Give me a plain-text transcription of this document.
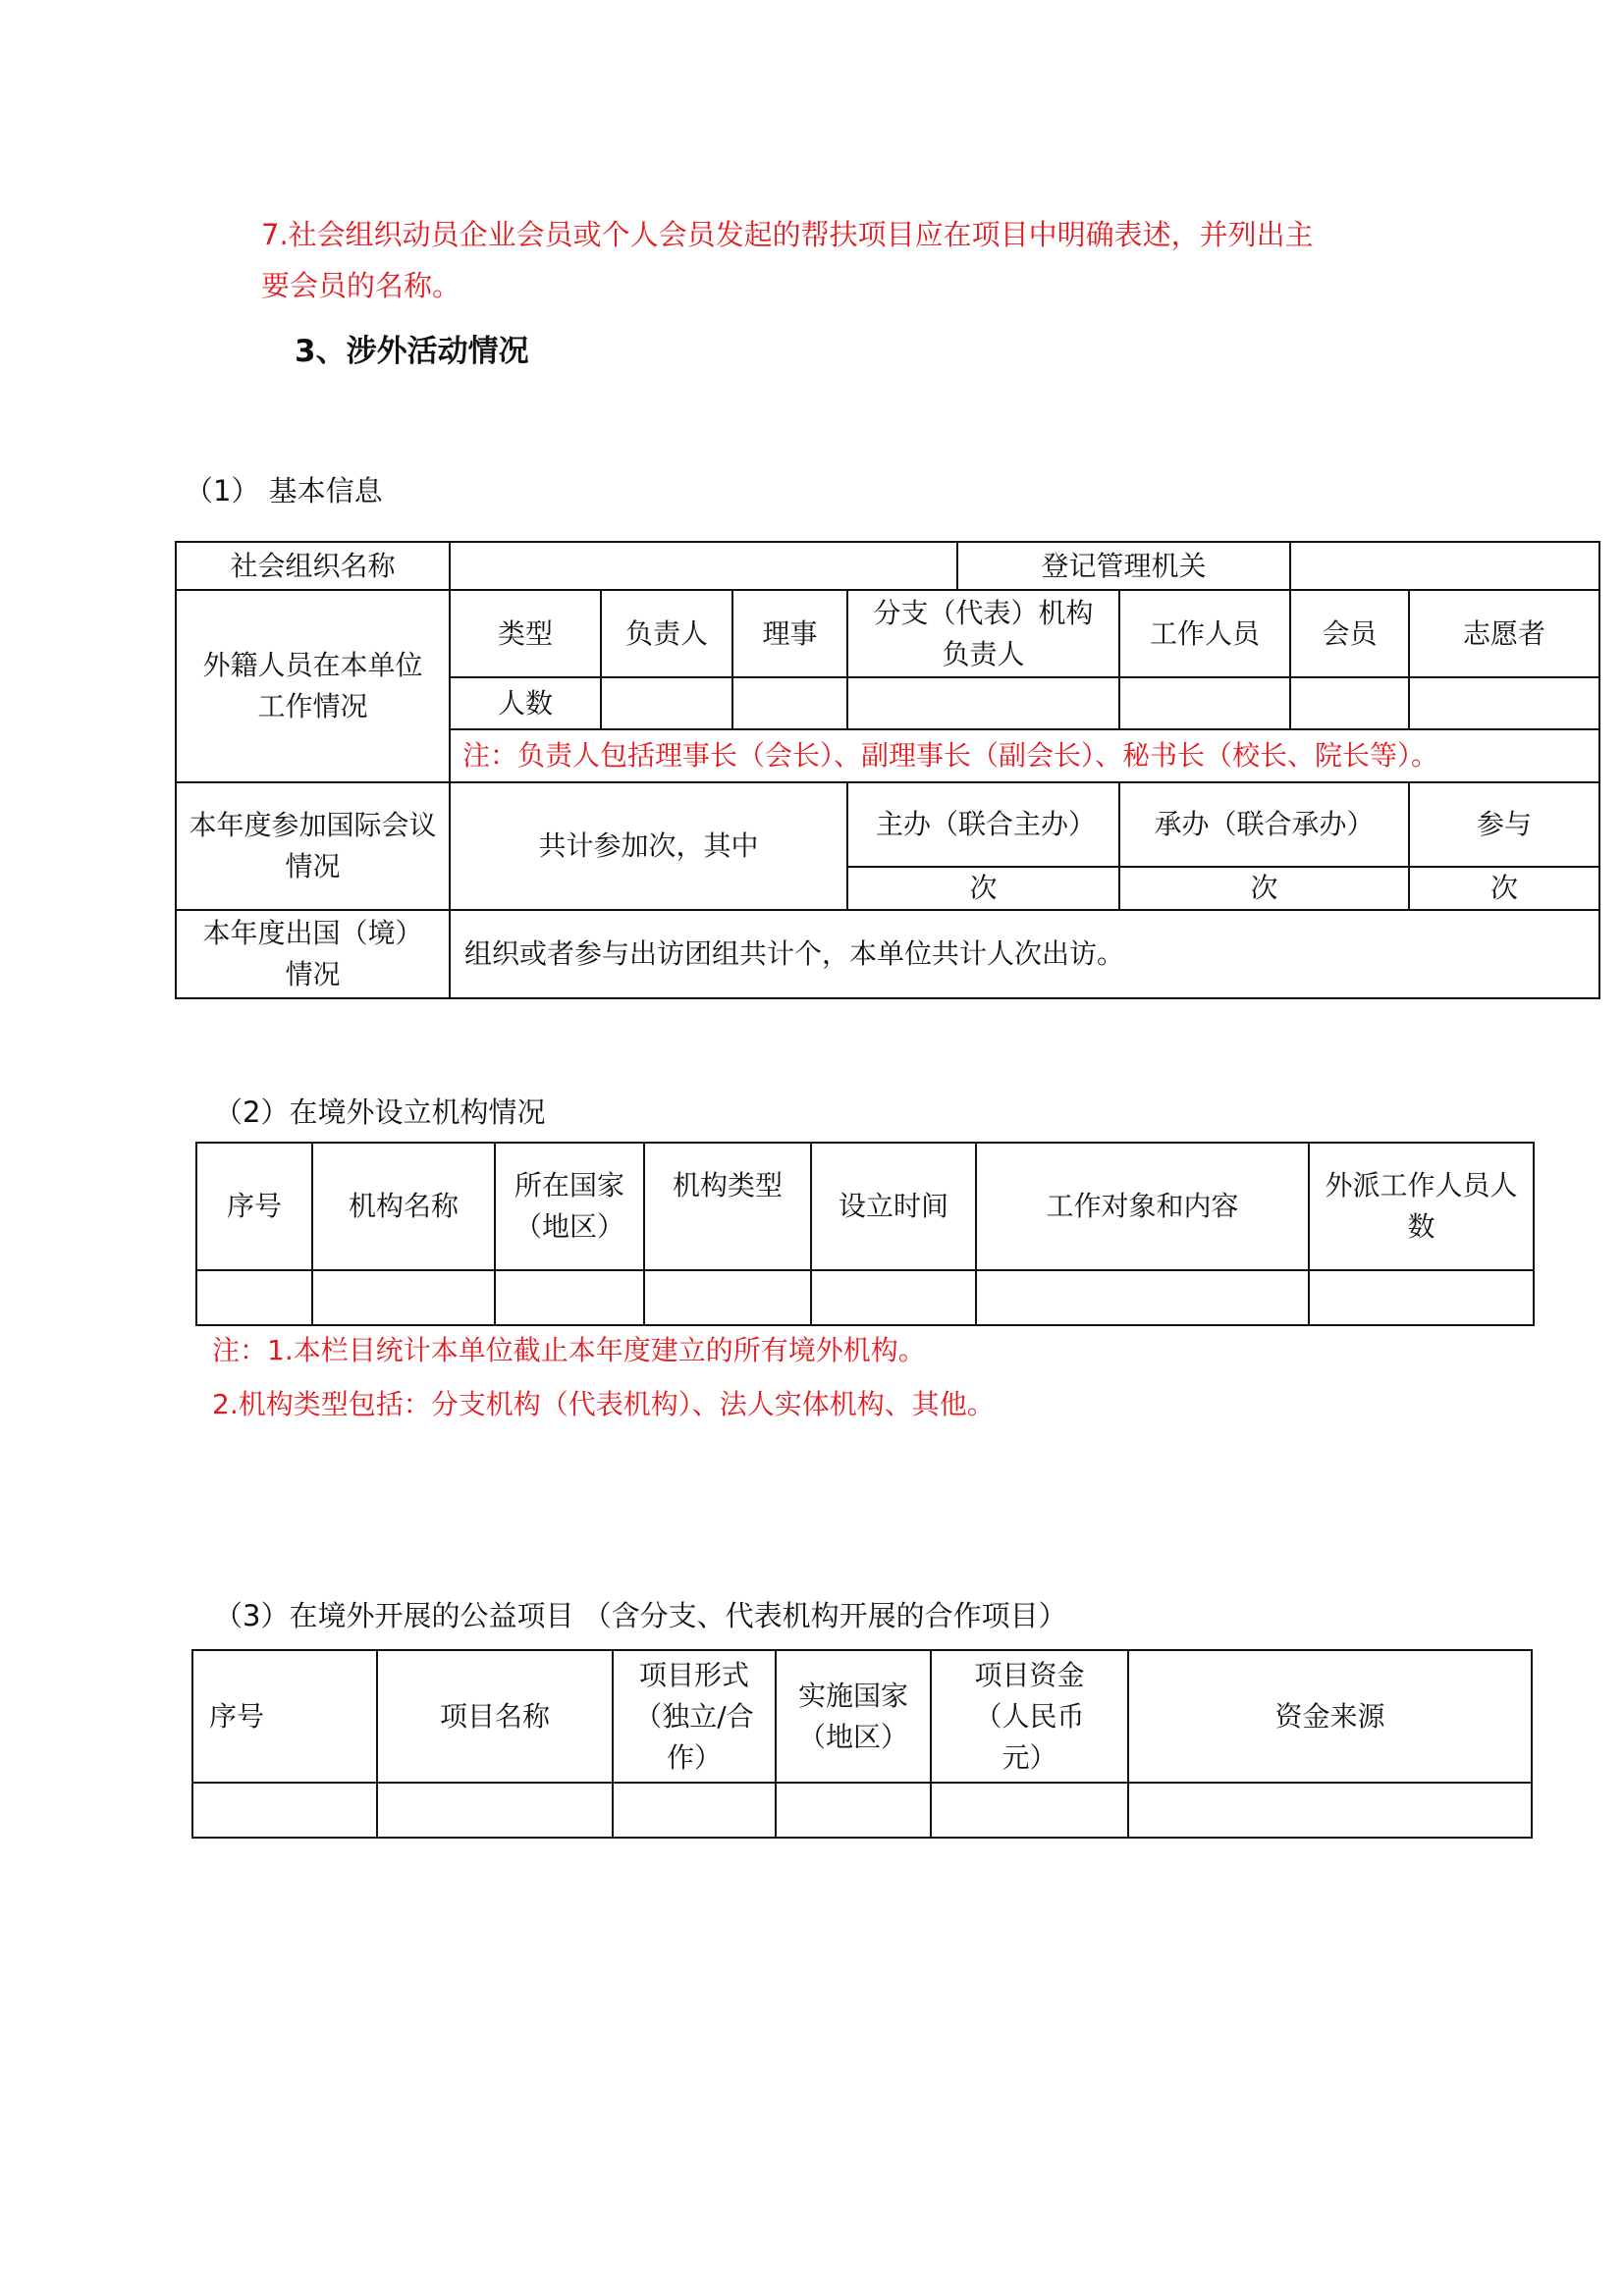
7.社会组织动员企业会员或个人会员发起的帮扶项目应在项目中明确表述，并列出主
要会员的名称。
3、涉外活动情况
（1） 基本信息
社会组织名称					登记管理机关			

外籍人员在本单位工作情况	类型	负责人	理事	分支（代表）机构负责人		工作人员	会员	志愿者
	人数							
	注：负责人包括理事长（会长）、副理事长（副会长）、秘书长（校长、院长等）。							

本年度参加国际会议情况	共计参加次，其中			主办（联合主办）		承办（联合承办）		参与
				次		次		次

本年度出国（境）情况	组织或者参与出访团组共计个，本单位共计人次出访。							
（2）在境外设立机构情况
序号	机构名称	所在国家（地区）	机构类型	设立时间	工作对象和内容	外派工作人员人数

注：1.本栏目统计本单位截止本年度建立的所有境外机构。
2.机构类型包括：分支机构（代表机构）、法人实体机构、其他。
（3）在境外开展的公益项目 （含分支、代表机构开展的合作项目）
序号	项目名称	项目形式（独立/合作）	实施国家（地区）	项目资金（人民币元）	资金来源
